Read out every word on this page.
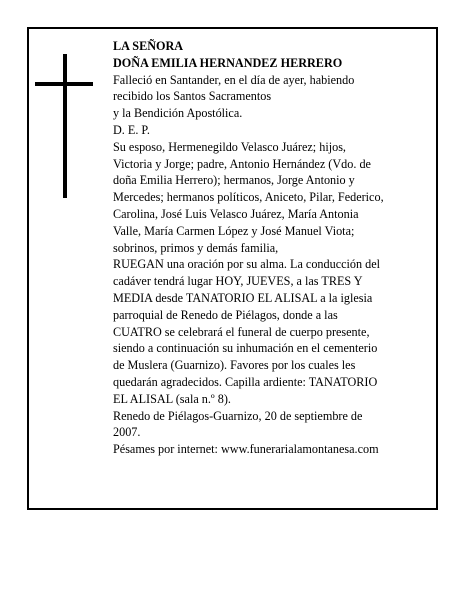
LA SEÑORA
DOÑA EMILIA HERNANDEZ HERRERO
Falleció en Santander, en el día de ayer, habiendo
recibido los Santos Sacramentos
y la Bendición Apostólica.
D. E. P.
Su esposo, Hermenegildo Velasco Juárez; hijos,
Victoria y Jorge; padre, Antonio Hernández (Vdo. de
doña Emilia Herrero); hermanos, Jorge Antonio y
Mercedes; hermanos políticos, Aniceto, Pilar, Federico,
Carolina, José Luis Velasco Juárez, María Antonia
Valle, María Carmen López y José Manuel Viota;
sobrinos, primos y demás familia,
RUEGAN una oración por su alma. La conducción del
cadáver tendrá lugar HOY, JUEVES, a las TRES Y
MEDIA desde TANATORIO EL ALISAL a la iglesia
parroquial de Renedo de Piélagos, donde a las
CUATRO se celebrará el funeral de cuerpo presente,
siendo a continuación su inhumación en el cementerio
de Muslera (Guarnizo). Favores por los cuales les
quedarán agradecidos. Capilla ardiente: TANATORIO
EL ALISAL (sala n.º 8).
Renedo de Piélagos-Guarnizo, 20 de septiembre de
2007.
Pésames por internet: www.funerarialamontanesa.com
